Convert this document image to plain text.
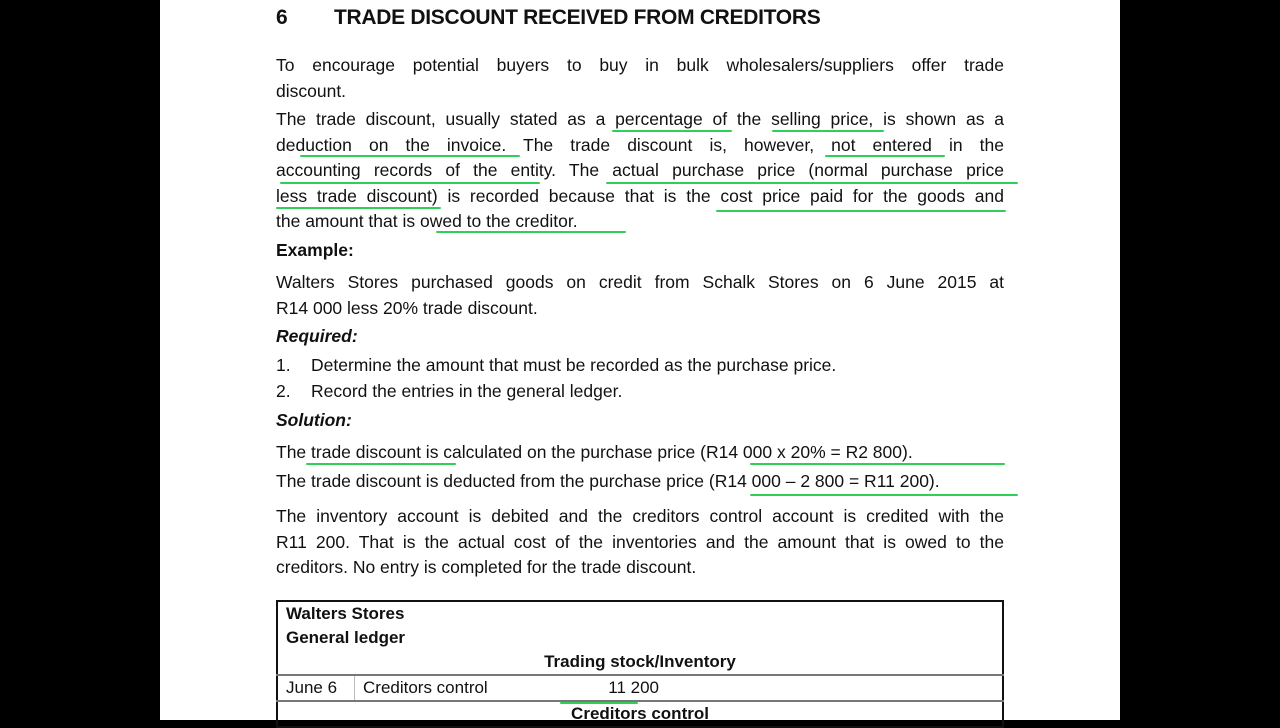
6 TRADE DISCOUNT RECEIVED FROM CREDITORS
To encourage potential buyers to buy in bulk wholesalers/suppliers offer trade
discount.
The trade discount, usually stated as a percentage of the selling price, is shown as a
deduction on the invoice. The trade discount is, however, not entered in the
accounting records of the entity. The actual purchase price (normal purchase price
less trade discount) is recorded because that is the cost price paid for the goods and
the amount that is owed to the creditor.
Example:
Walters Stores purchased goods on credit from Schalk Stores on 6 June 2015 at
R14 000 less 20% trade discount.
Required:
1. Determine the amount that must be recorded as the purchase price.
2. Record the entries in the general ledger.
Solution:
The trade discount is calculated on the purchase price (R14 000 x 20% = R2 800).
The trade discount is deducted from the purchase price (R14 000 – 2 800 = R11 200).
The inventory account is debited and the creditors control account is credited with the
R11 200. That is the actual cost of the inventories and the amount that is owed to the
creditors. No entry is completed for the trade discount.
Walters Stores
General ledger
Trading stock/Inventory
June 6	Creditors control	11 200	
Creditors control
